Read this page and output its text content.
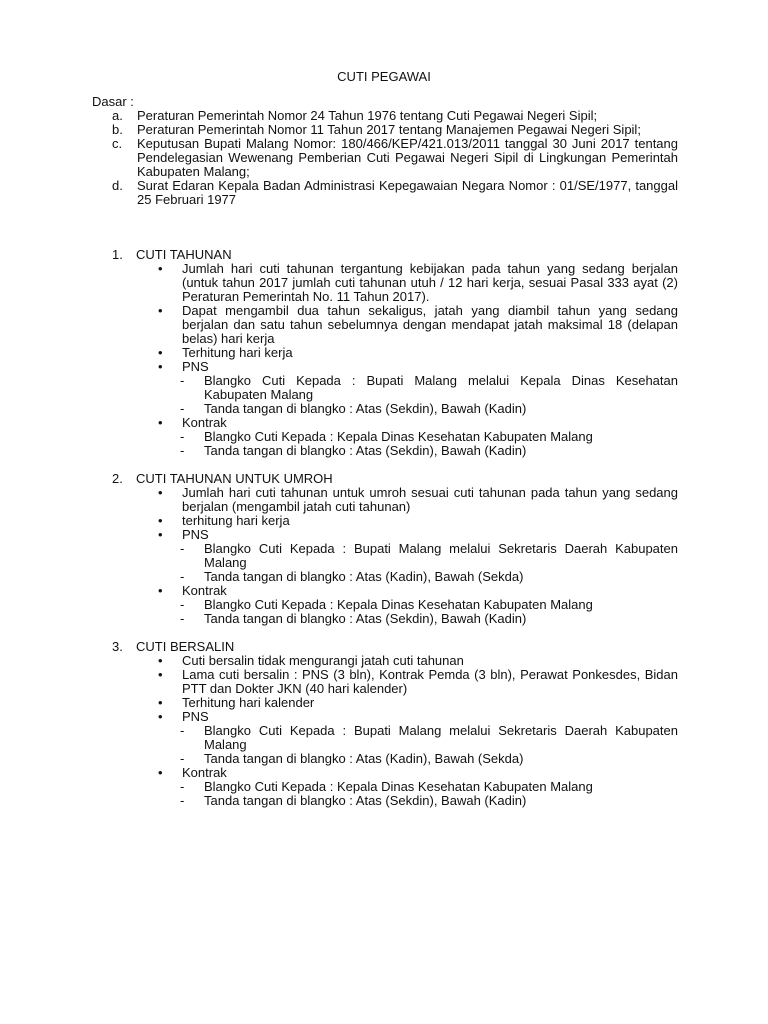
CUTI PEGAWAI
Dasar :
a. Peraturan Pemerintah Nomor 24 Tahun 1976 tentang Cuti Pegawai Negeri Sipil;
b. Peraturan Pemerintah Nomor 11 Tahun 2017 tentang Manajemen Pegawai Negeri Sipil;
c. Keputusan Bupati Malang Nomor: 180/466/KEP/421.013/2011 tanggal 30 Juni 2017 tentang Pendelegasian Wewenang Pemberian Cuti Pegawai Negeri Sipil di Lingkungan Pemerintah Kabupaten Malang;
d. Surat Edaran Kepala Badan Administrasi Kepegawaian Negara Nomor : 01/SE/1977, tanggal 25 Februari 1977
1. CUTI TAHUNAN
• Jumlah hari cuti tahunan tergantung kebijakan pada tahun yang sedang berjalan (untuk tahun 2017 jumlah cuti tahunan utuh / 12 hari kerja, sesuai Pasal 333 ayat (2) Peraturan Pemerintah No. 11 Tahun 2017).
• Dapat mengambil dua tahun sekaligus, jatah yang diambil tahun yang sedang berjalan dan satu tahun sebelumnya dengan mendapat jatah maksimal 18 (delapan belas) hari kerja
• Terhitung hari kerja
• PNS
- Blangko Cuti Kepada : Bupati Malang melalui Kepala Dinas Kesehatan Kabupaten Malang
- Tanda tangan di blangko : Atas (Sekdin), Bawah (Kadin)
• Kontrak
- Blangko Cuti Kepada : Kepala Dinas Kesehatan Kabupaten Malang
- Tanda tangan di blangko : Atas (Sekdin), Bawah (Kadin)
2. CUTI TAHUNAN UNTUK UMROH
• Jumlah hari cuti tahunan untuk umroh sesuai cuti tahunan pada tahun yang sedang berjalan (mengambil jatah cuti tahunan)
• terhitung hari kerja
• PNS
- Blangko Cuti Kepada : Bupati Malang melalui Sekretaris Daerah Kabupaten Malang
- Tanda tangan di blangko : Atas (Kadin), Bawah (Sekda)
• Kontrak
- Blangko Cuti Kepada : Kepala Dinas Kesehatan Kabupaten Malang
- Tanda tangan di blangko : Atas (Sekdin), Bawah (Kadin)
3. CUTI BERSALIN
• Cuti bersalin tidak mengurangi jatah cuti tahunan
• Lama cuti bersalin : PNS (3 bln), Kontrak Pemda (3 bln), Perawat Ponkesdes, Bidan PTT dan Dokter JKN (40 hari kalender)
• Terhitung hari kalender
• PNS
- Blangko Cuti Kepada : Bupati Malang melalui Sekretaris Daerah Kabupaten Malang
- Tanda tangan di blangko : Atas (Kadin), Bawah (Sekda)
• Kontrak
- Blangko Cuti Kepada : Kepala Dinas Kesehatan Kabupaten Malang
- Tanda tangan di blangko : Atas (Sekdin), Bawah (Kadin)
